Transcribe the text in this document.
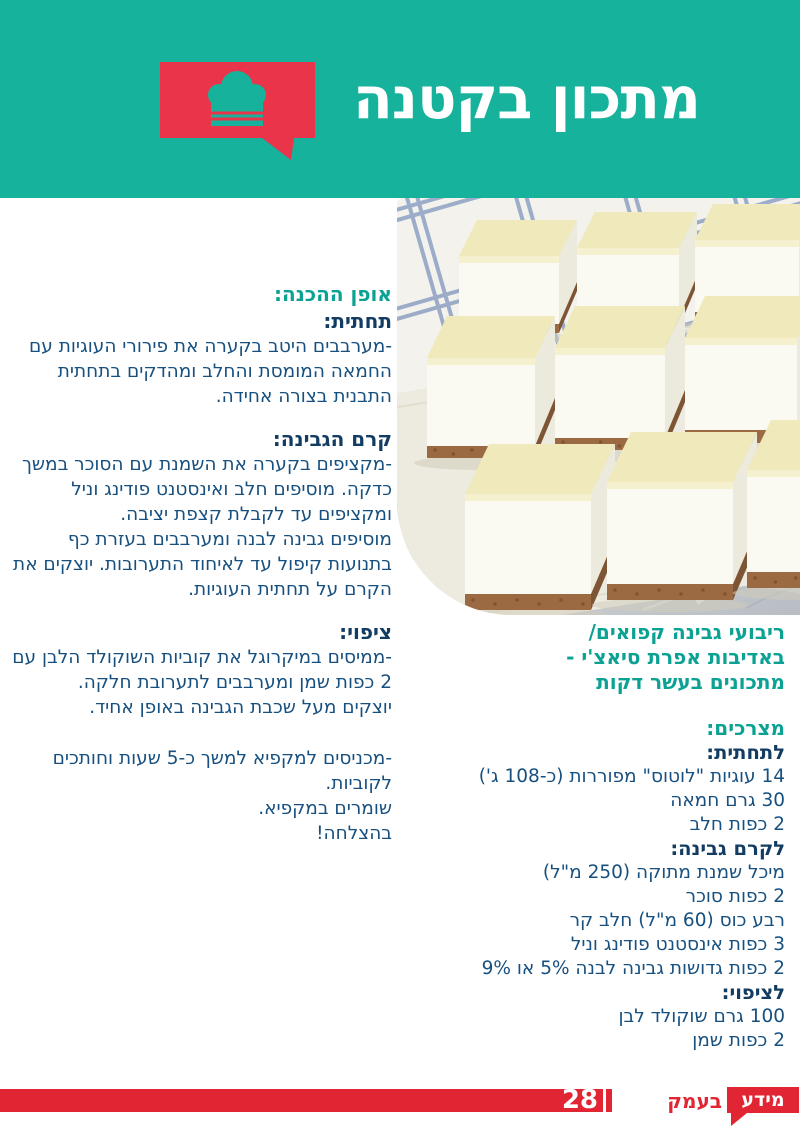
מתכון בקטנה
אופן ההכנה:
תחתית:

-מערבבים היטב בקערה את פירורי העוגיות עם החמאה המומסת והחלב ומהדקים בתחתית התבנית בצורה אחידה.

קרם הגבינה:

-מקציפים בקערה את השמנת עם הסוכר במשך כדקה. מוסיפים חלב ואינסטנט פודינג וניל ומקציפים עד לקבלת קצפת יציבה.

מוסיפים גבינה לבנה ומערבבים בעזרת כף בתנועות קיפול עד לאיחוד התערובות. יוצקים את הקרם על תחתית העוגיות.

ציפוי:

-ממיסים במיקרוגל את קוביות השוקולד הלבן עם 2 כפות שמן ומערבבים לתערובת חלקה.

יוצקים מעל שכבת הגבינה באופן אחיד.

-מכניסים למקפיא למשך כ-5 שעות וחותכים לקוביות.

שומרים במקפיא.

בהצלחה!

ריבועי גבינה קפואים/

באדיבות אפרת סיאצ'י -

מתכונים בעשר דקות

מצרכים:
לתחתית:

14 עוגיות "לוטוס" מפוררות (כ-108 ג')

30 גרם חמאה

2 כפות חלב

לקרם גבינה:

מיכל שמנת מתוקה (250 מ"ל)

2 כפות סוכר

רבע כוס (60 מ"ל) חלב קר

3 כפות אינסטנט פודינג וניל

2 כפות גדושות גבינה לבנה 5% או 9%

לציפוי:

100 גרם שוקולד לבן

2 כפות שמן

28	מידע
בעמק
